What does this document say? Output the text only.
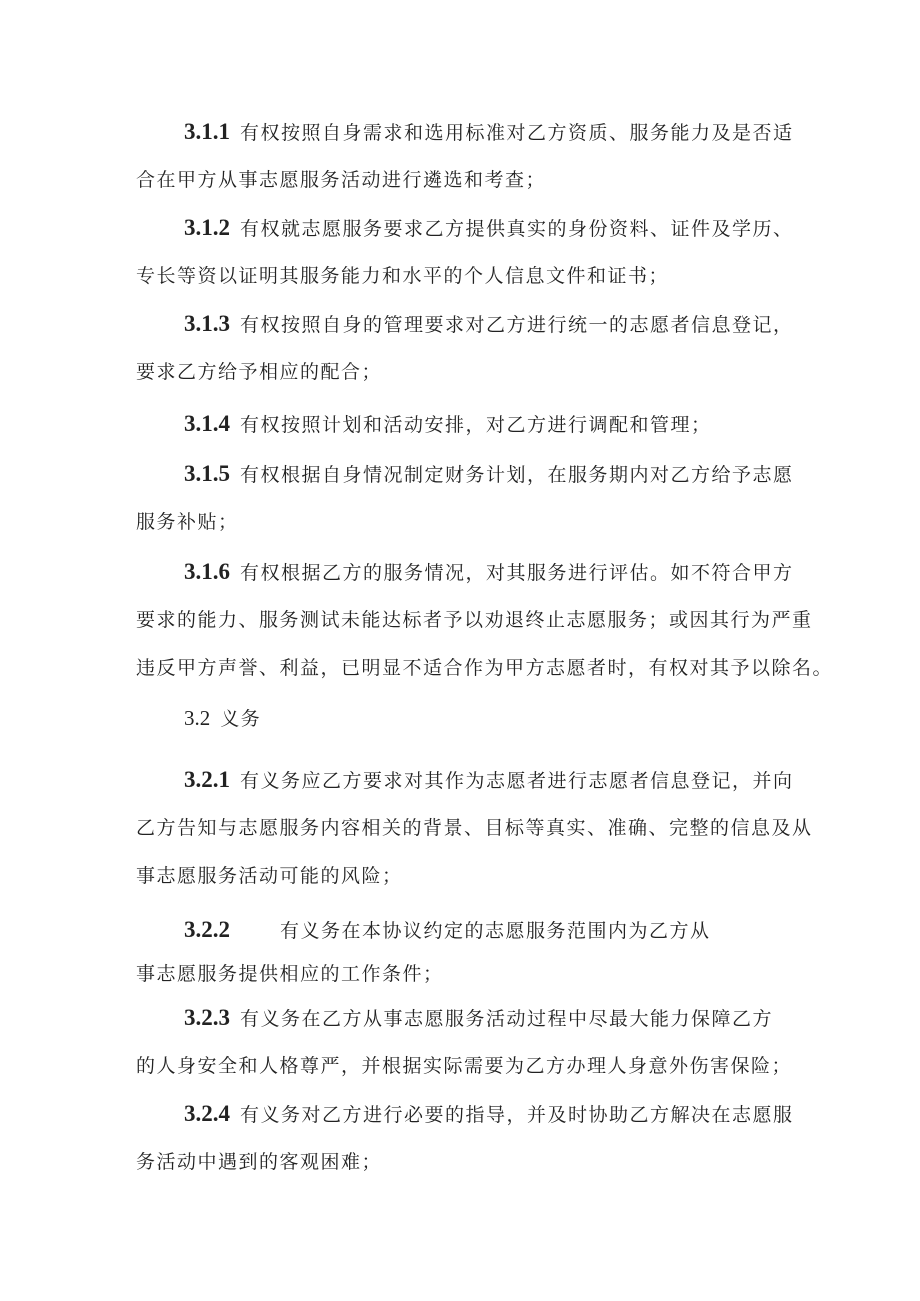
3.1.1 有权按照自身需求和选用标准对乙方资质、服务能力及是否适
合在甲方从事志愿服务活动进行遴选和考查；
3.1.2 有权就志愿服务要求乙方提供真实的身份资料、证件及学历、
专长等资以证明其服务能力和水平的个人信息文件和证书；
3.1.3 有权按照自身的管理要求对乙方进行统一的志愿者信息登记，
要求乙方给予相应的配合；
3.1.4 有权按照计划和活动安排，对乙方进行调配和管理；
3.1.5 有权根据自身情况制定财务计划，在服务期内对乙方给予志愿
服务补贴；
3.1.6 有权根据乙方的服务情况，对其服务进行评估。如不符合甲方
要求的能力、服务测试未能达标者予以劝退终止志愿服务；或因其行为严重
违反甲方声誉、利益，已明显不适合作为甲方志愿者时，有权对其予以除名。
3.2 义务
3.2.1 有义务应乙方要求对其作为志愿者进行志愿者信息登记，并向
乙方告知与志愿服务内容相关的背景、目标等真实、准确、完整的信息及从
事志愿服务活动可能的风险；
3.2.2	有义务在本协议约定的志愿服务范围内为乙方从
事志愿服务提供相应的工作条件；
3.2.3 有义务在乙方从事志愿服务活动过程中尽最大能力保障乙方
的人身安全和人格尊严，并根据实际需要为乙方办理人身意外伤害保险；
3.2.4 有义务对乙方进行必要的指导，并及时协助乙方解决在志愿服
务活动中遇到的客观困难；
